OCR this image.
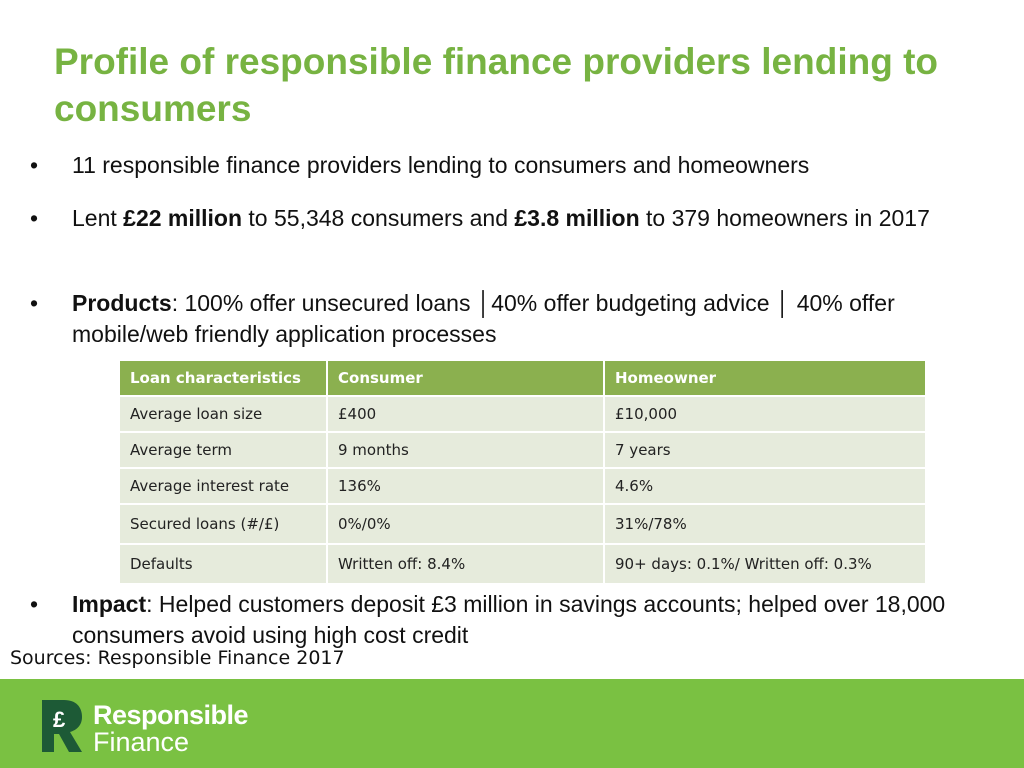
Profile of responsible finance providers lending to consumers
• 11 responsible finance providers lending to consumers and homeowners
• Lent £22 million to 55,348 consumers and £3.8 million to 379 homeowners in 2017
• Products: 100% offer unsecured loans │40% offer budgeting advice │ 40% offer mobile/web friendly application processes
Loan characteristics	Consumer	Homeowner
Average loan size	£400	£10,000
Average term	9 months	7 years
Average interest rate	136%	4.6%
Secured loans (#/£)	0%/0%	31%/78%
Defaults	Written off: 8.4%	90+ days: 0.1%/ Written off: 0.3%
• Impact: Helped customers deposit £3 million in savings accounts; helped over 18,000 consumers avoid using high cost credit
Sources: Responsible Finance 2017
£ Responsible
Finance
